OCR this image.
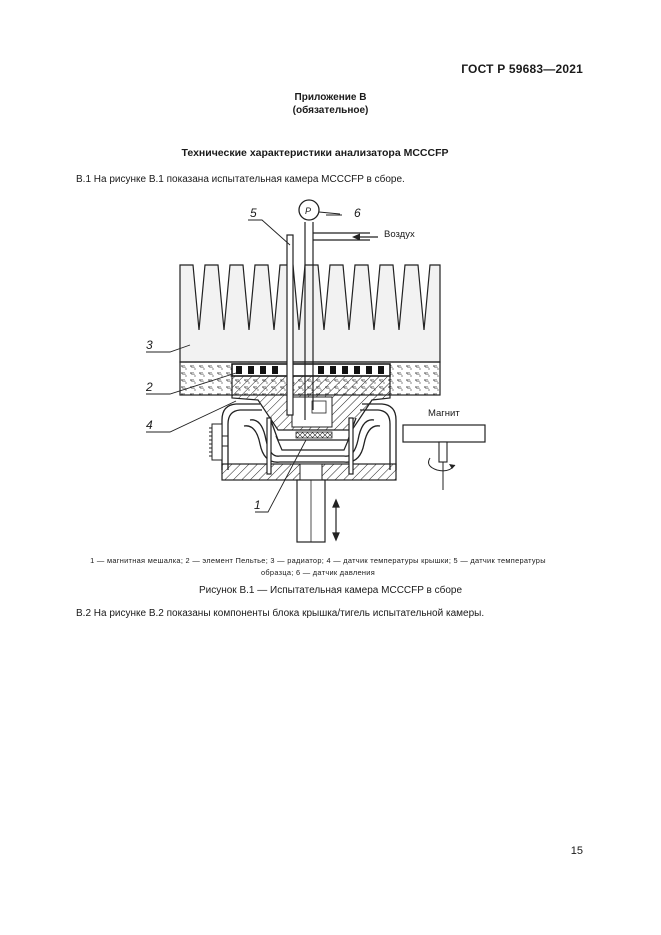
ГОСТ Р 59683—2021
Приложение В
(обязательное)
Технические характеристики анализатора MCCCFP
В.1 На рисунке В.1 показана испытательная камера MCCCFP в сборе.
Воздух
P
Магнит
5	6
3
2
4
1
1 — магнитная мешалка; 2 — элемент Пельтье; 3 — радиатор; 4 — датчик температуры крышки; 5 — датчик температуры
образца; 6 — датчик давления
Рисунок В.1 — Испытательная камера MCCCFP в сборе
В.2 На рисунке В.2 показаны компоненты блока крышка/тигель испытательной камеры.
15
